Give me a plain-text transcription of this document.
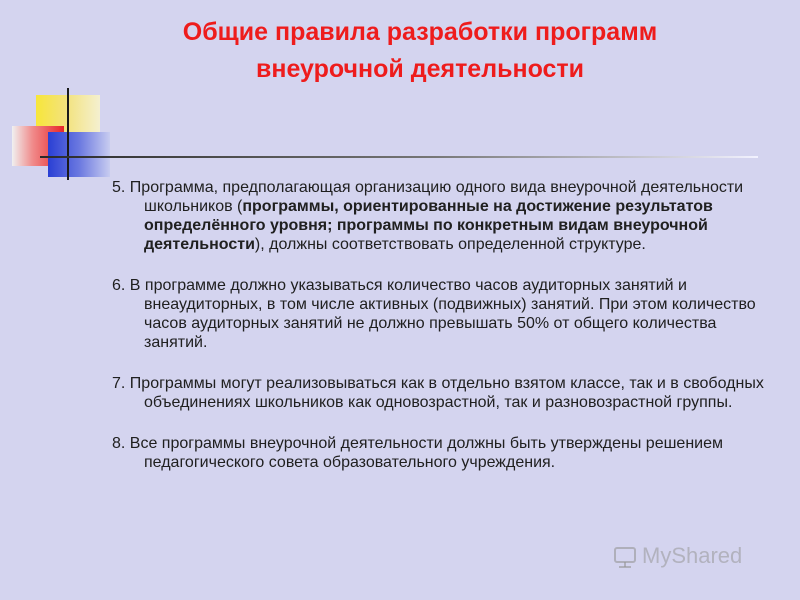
Общие правила разработки программ
внеурочной деятельности

5. Программа, предполагающая организацию одного вида внеурочной деятельности школьников (программы, ориентированные на достижение результатов определённого уровня; программы по конкретным видам внеурочной деятельности), должны соответствовать определенной структуре.

6. В программе должно указываться количество часов аудиторных занятий и внеаудиторных, в том числе активных (подвижных) занятий. При этом количество часов аудиторных занятий не должно превышать 50% от общего количества занятий.

7. Программы могут реализовываться как в отдельно взятом классе, так и в свободных объединениях школьников как одновозрастной, так и разновозрастной группы.

8. Все программы внеурочной деятельности должны быть утверждены решением педагогического совета образовательного учреждения.

MyShared
